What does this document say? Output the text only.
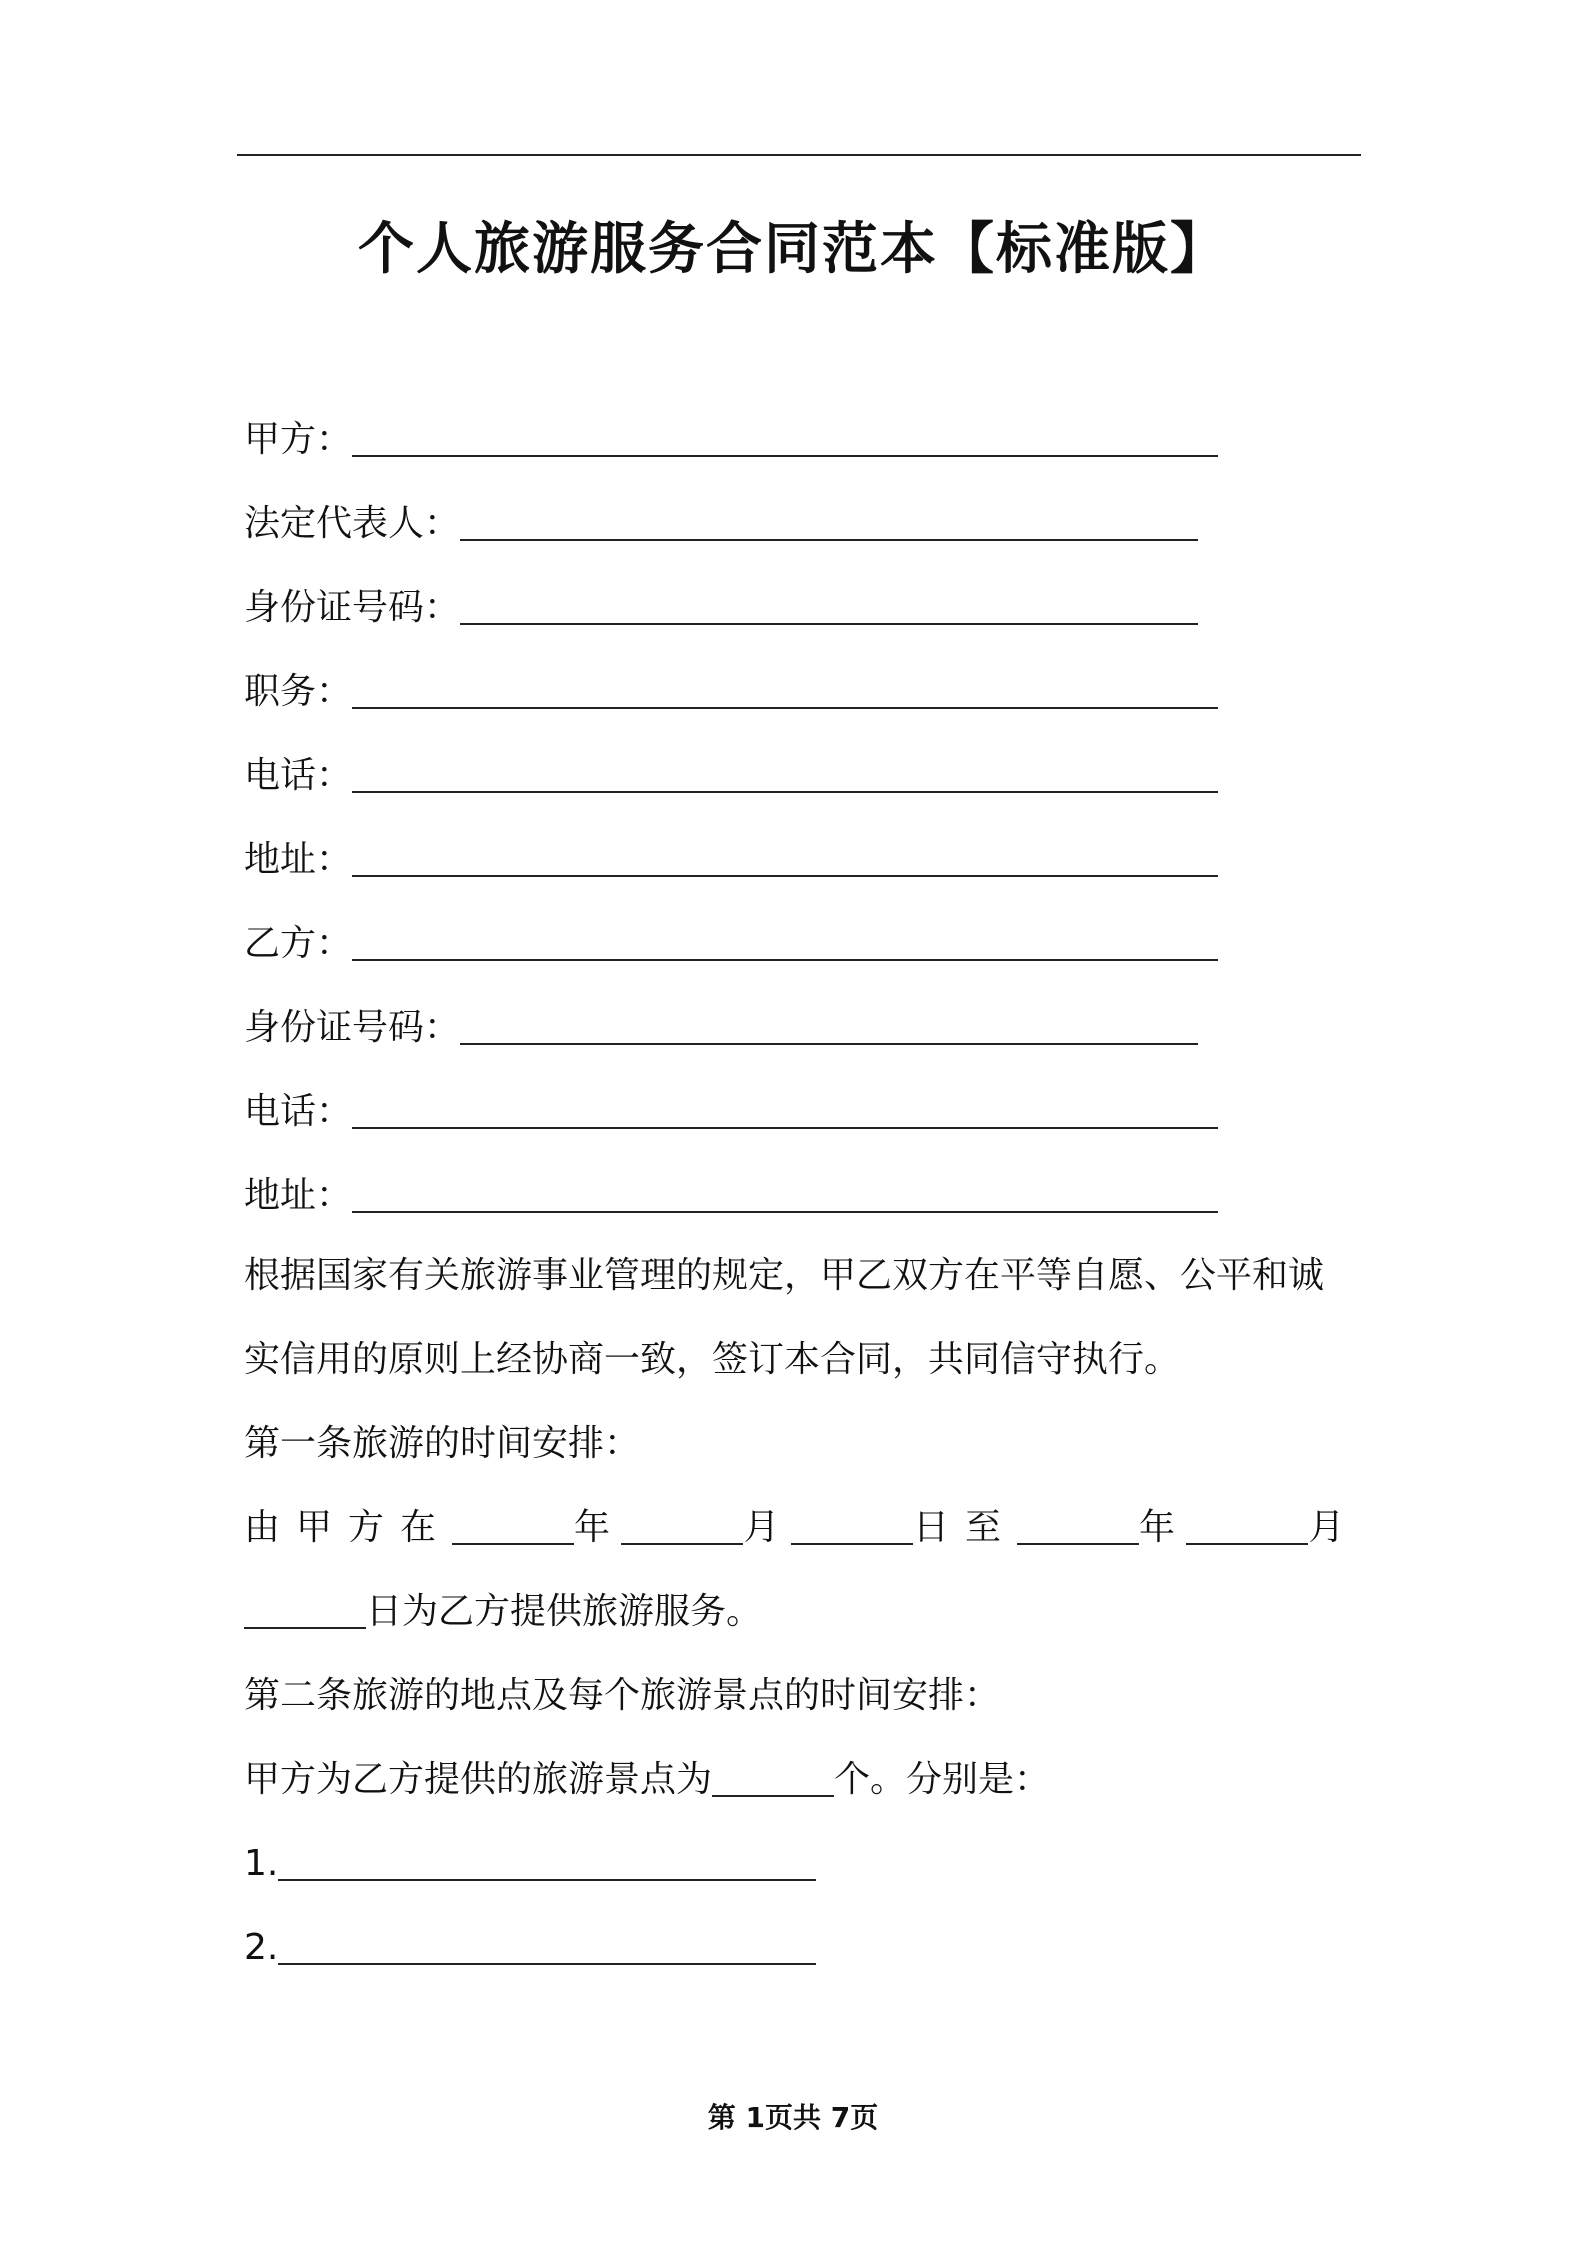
个人旅游服务合同范本【标准版】
甲方：
法定代表人：
身份证号码：
职务：
电话：
地址：
乙方：
身份证号码：
电话：
地址：
根据国家有关旅游事业管理的规定，甲乙双方在平等自愿、公平和诚
实信用的原则上经协商一致，签订本合同，共同信守执行。
第一条旅游的时间安排：
由甲方在	年	月	日至	年	月
日为乙方提供旅游服务。
第二条旅游的地点及每个旅游景点的时间安排：
甲方为乙方提供的旅游景点为	个。分别是：
1.
2.
第 1页共 7页
